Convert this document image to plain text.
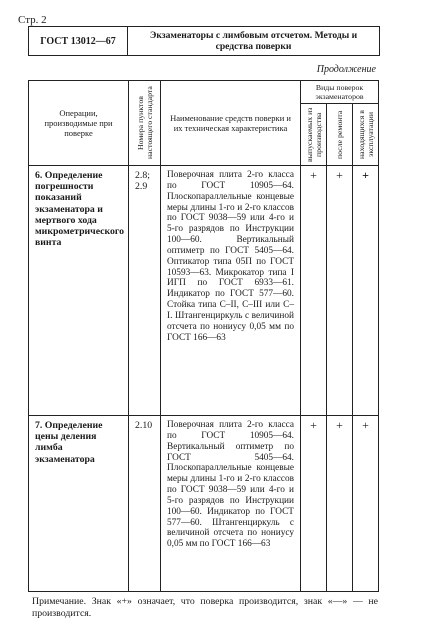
Стр. 2
ГОСТ 13012—67	Экзаменаторы с лимбовым отсчетом. Методы и средства поверки
Продолжение
Операции, производимые при поверке	Номера пунктов настоящего стандарта	Наименование средств поверки и их техническая характеристика	Виды поверок экзаменаторов		

			выпускаемых из производства	после ремонта	находящихся в эксплуатации

6. Определение погрешности показаний экзаменатора и мертвого хода микрометрического винта	2.8; 2.9	Поверочная плита 2-го класса по ГОСТ 10905—64. Плоскопараллельные концевые меры длины 1-го и 2-го классов по ГОСТ 9038—59 или 4-го и 5-го разрядов по Инструкции 100—60. Вертикальный оптиметр по ГОСТ 5405—64. Оптикатор типа 05П по ГОСТ 10593—63. Микрокатор типа I ИГП по ГОСТ 6933—61. Индикатор по ГОСТ 577—60. Стойка типа С–II, С–III или С–I. Штангенциркуль с величиной отсчета по нониусу 0,05 мм по ГОСТ 166—63	+	+	+
7. Определение цены деления лимба экзаменатора	2.10	Поверочная плита 2-го класса по ГОСТ 10905—64. Вертикальный оптиметр по ГОСТ 5405—64. Плоскопараллельные концевые меры длины 1-го и 2-го классов по ГОСТ 9038—59 или 4-го и 5-го разрядов по Инструкции 100—60. Индикатор по ГОСТ 577—60. Штангенциркуль с величиной отсчета по нониусу 0,05 мм по ГОСТ 166—63	+	+	+
Примечание. Знак «+» означает, что поверка производится, знак «—» — не производится.
